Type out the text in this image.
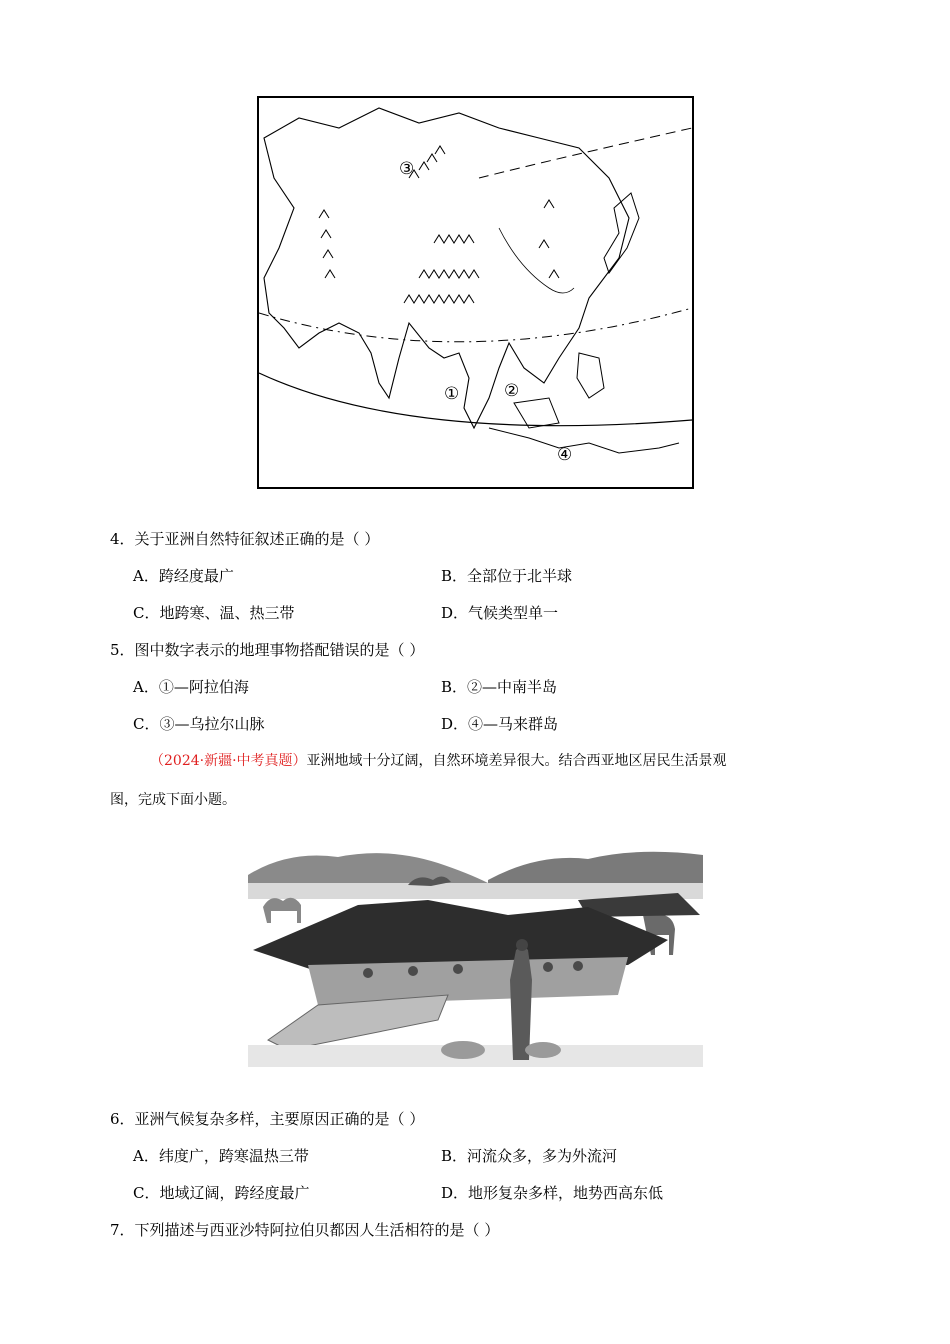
③
①	②
④
4．关于亚洲自然特征叙述正确的是（ ）
A．跨经度最广	B．全部位于北半球
C．地跨寒、温、热三带	D．气候类型单一
5．图中数字表示的地理事物搭配错误的是（ ）
A．①—阿拉伯海	B．②—中南半岛
C．③—乌拉尔山脉	D．④—马来群岛
（2024·新疆·中考真题）亚洲地域十分辽阔，自然环境差异很大。结合西亚地区居民生活景观
图，完成下面小题。
6．亚洲气候复杂多样，主要原因正确的是（ ）
A．纬度广，跨寒温热三带	B．河流众多，多为外流河
C．地域辽阔，跨经度最广	D．地形复杂多样，地势西高东低
7．下列描述与西亚沙特阿拉伯贝都因人生活相符的是（ ）
